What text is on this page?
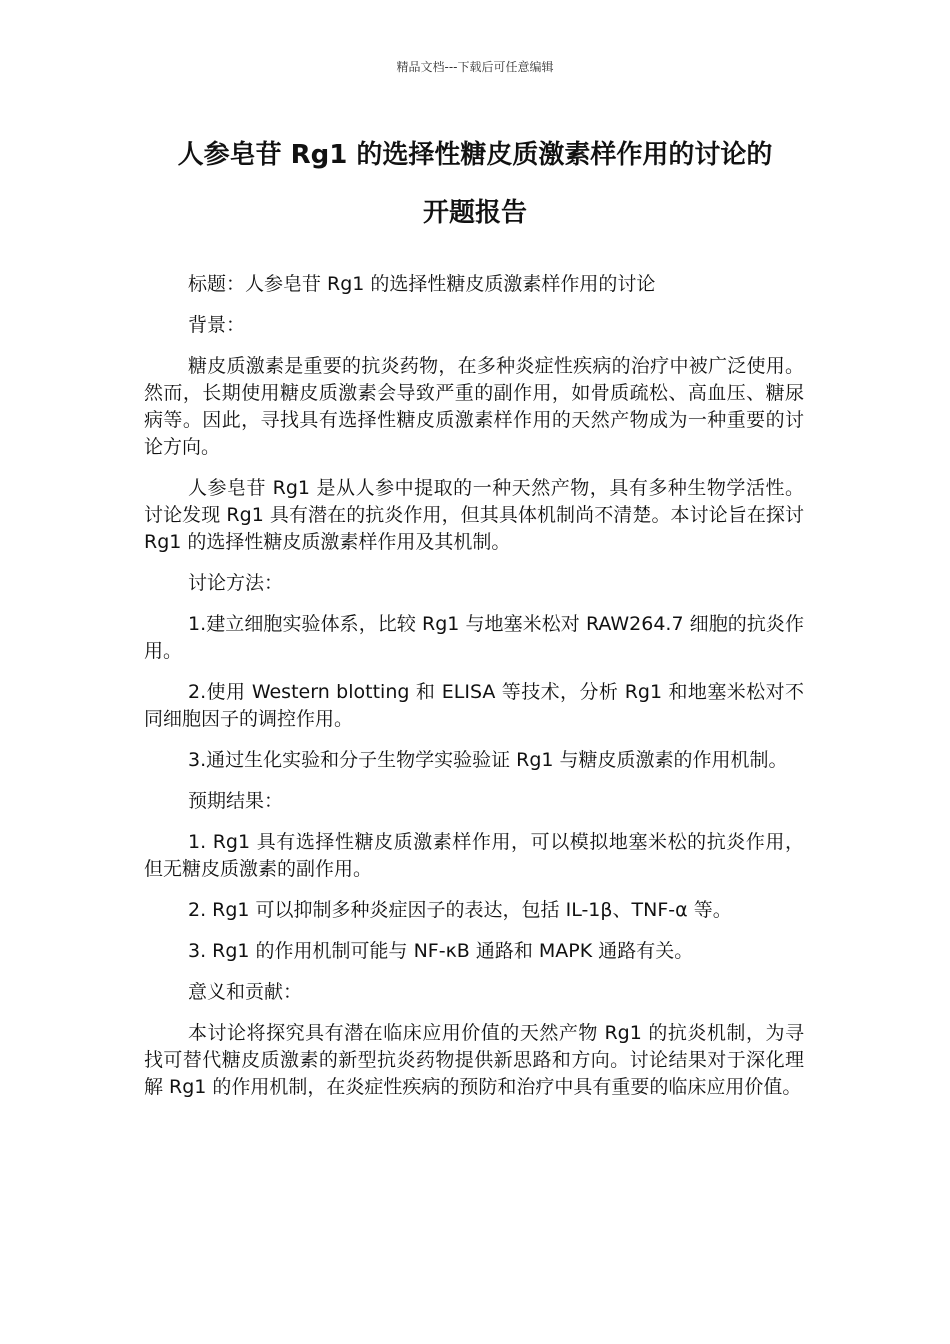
精品文档---下载后可任意编辑
人参皂苷 Rg1 的选择性糖皮质激素样作用的讨论的
开题报告

标题：人参皂苷 Rg1 的选择性糖皮质激素样作用的讨论

背景：

糖皮质激素是重要的抗炎药物，在多种炎症性疾病的治疗中被广泛使用。然而，长期使用糖皮质激素会导致严重的副作用，如骨质疏松、高血压、糖尿病等。因此，寻找具有选择性糖皮质激素样作用的天然产物成为一种重要的讨论方向。

人参皂苷 Rg1 是从人参中提取的一种天然产物，具有多种生物学活性。讨论发现 Rg1 具有潜在的抗炎作用，但其具体机制尚不清楚。本讨论旨在探讨 Rg1 的选择性糖皮质激素样作用及其机制。

讨论方法：

1.建立细胞实验体系，比较 Rg1 与地塞米松对 RAW264.7 细胞的抗炎作用。

2.使用 Western blotting 和 ELISA 等技术，分析 Rg1 和地塞米松对不同细胞因子的调控作用。

3.通过生化实验和分子生物学实验验证 Rg1 与糖皮质激素的作用机制。

预期结果：

1. Rg1 具有选择性糖皮质激素样作用，可以模拟地塞米松的抗炎作用，但无糖皮质激素的副作用。

2. Rg1 可以抑制多种炎症因子的表达，包括 IL-1β、TNF-α 等。

3. Rg1 的作用机制可能与 NF-κB 通路和 MAPK 通路有关。

意义和贡献：

本讨论将探究具有潜在临床应用价值的天然产物 Rg1 的抗炎机制，为寻找可替代糖皮质激素的新型抗炎药物提供新思路和方向。讨论结果对于深化理解 Rg1 的作用机制，在炎症性疾病的预防和治疗中具有重要的临床应用价值。
